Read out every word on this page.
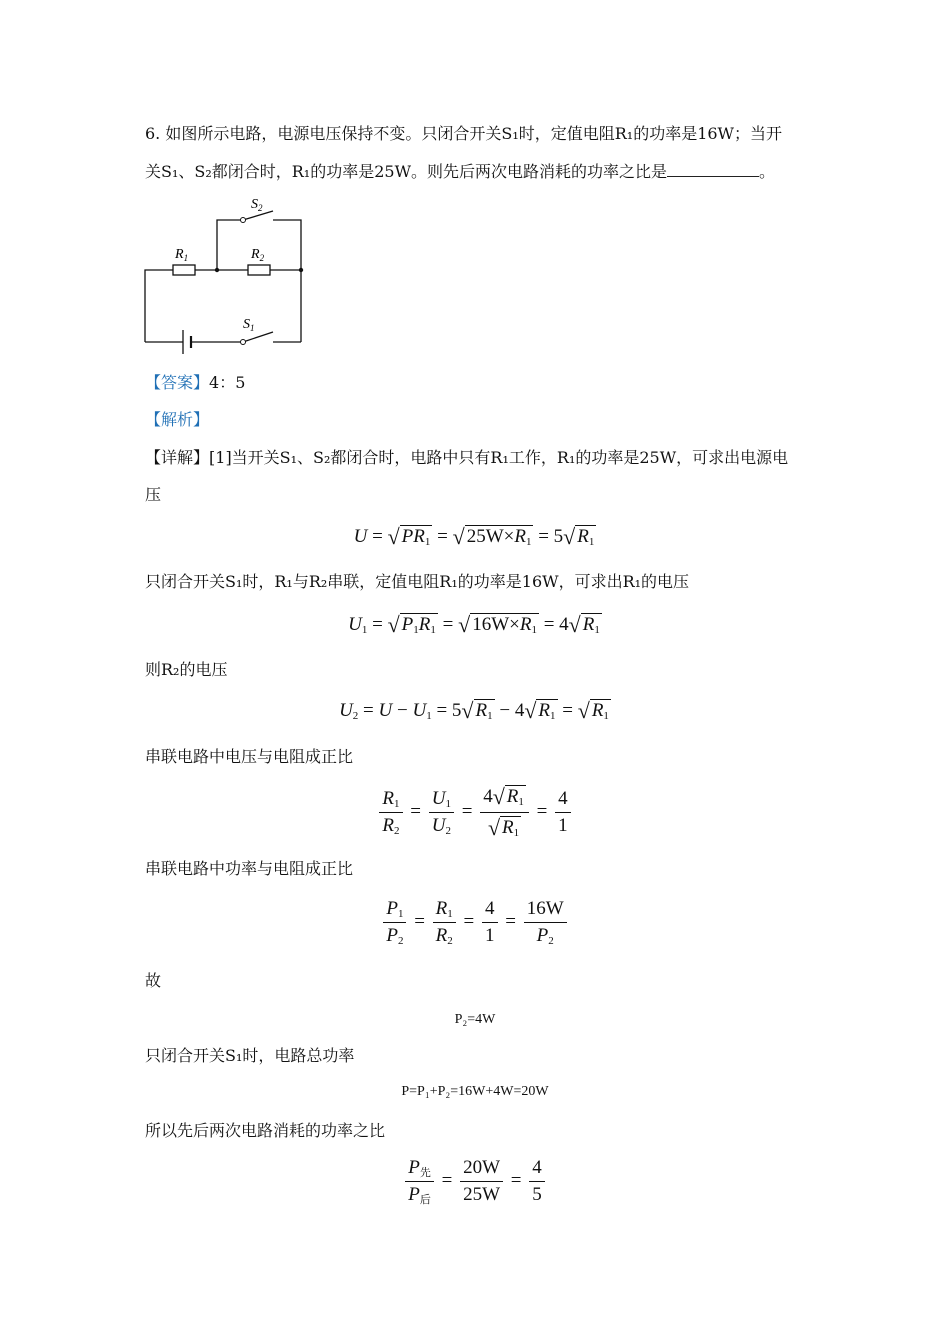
6. 如图所示电路，电源电压保持不变。只闭合开关S₁时，定值电阻R₁的功率是16W；当开
关S₁、S₂都闭合时，R₁的功率是25W。则先后两次电路消耗的功率之比是	。
$S_2$
$R_1$	$R_2$
$S_1$
【答案】4：5
【解析】
【详解】[1]当开关S₁、S₂都闭合时，电路中只有R₁工作，R₁的功率是25W，可求出电源电
压
U = √ $PR_1$ = √ $25W\times R_1 = 5√$ $R_1$
只闭合开关S₁时，R₁与R₂串联，定值电阻R₁的功率是16W，可求出R₁的电压
$U_1$ = √ $P_1R_1$ = √ $16W\times R_1 = 4√$ $R_1$
则R₂的电压
$U_2 = U - U_1 = 5√$ $R_1 - 4√$ $R_1$ = √ $R_1$
串联电路中电压与电阻成正比
$\frac{R_1}{R_2} = \frac{U_1}{U_2} = \frac{4√ R_1}{√ R_1} = \frac{4}{1}$
串联电路中功率与电阻成正比
$\frac{P_1}{P_2} = \frac{R_1}{R_2} = \frac{4}{1} = \frac{16W}{P_2}$
故
P₂=4W
只闭合开关S₁时，电路总功率
P=P₁+P₂=16W+4W=20W
所以先后两次电路消耗的功率之比
$\frac{P_先}{P_后} = \frac{20W}{25W} = \frac{4}{5}$
